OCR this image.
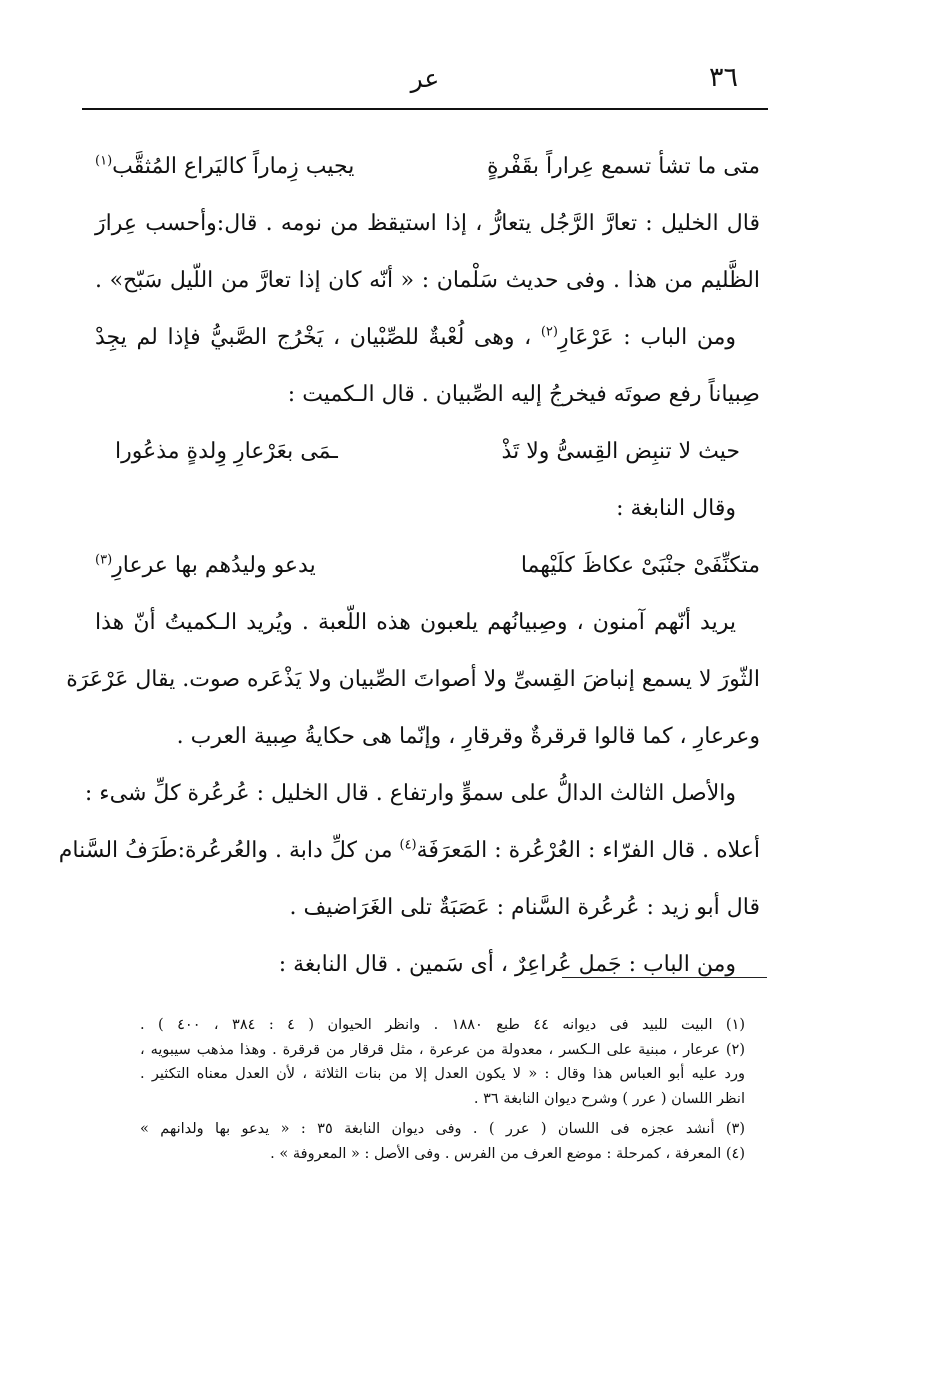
٣٦
عر
متى ما تشأ تسمع عِراراً بقَفْرةٍ
يجيب زِماراً كاليَراع المُثقَّب$^{(١)}$
قال الخليل : تعارَّ الرَّجُل يتعارُّ ، إذا استيقظ من نومه . قال:وأحسب عِرارَ
الظَّليم من هذا . وفى حديث سَلْمان : « أنّه كان إذا تعارَّ من اللّيل سَبّح» .
ومن الباب : عَرْعَارِ$^{(٢)}$ ، وهى لُعْبةٌ للصِّبْيان ، يَخْرُج الصَّبيُّ فإذا لم يجِدْ
صِبياناً رفع صوتَه فيخرجُ إليه الصِّبيان . قال الـكميت :
حيث لا تنبِض القِسىُّ ولا تَذْ
ـمَى بعَرْعارِ وِلدةٍ مذعُورا
وقال النابغة :
متكنِّفَىْ جنْبَىْ عكاظَ كلَيْهما
يدعو وليدُهم بها عرعارِ$^{(٣)}$
يريد أنّهم آمنون ، وصِبيانُهم يلعبون هذه اللّعبة . ويُريد الـكميتُ أنّ هذا
الثّورَ لا يسمع إنباضَ القِسىِّ ولا أصواتَ الصِّبيان ولا يَذْعَره صوت. يقال عَرْعَرَة
وعرعارِ ، كما قالوا قرقرةٌ وقرقارِ ، وإنّما هى حكايةُ صِبية العرب .
والأصل الثالث الدالُّ على سموٍّ وارتفاع . قال الخليل : عُرعُرة كلِّ شىء :
أعلاه . قال الفرّاء : العُرْعُرة : المَعرَفَة$^{(٤)}$ من كلِّ دابة . والعُرعُرة:طَرَفُ السَّنام
قال أبو زيد : عُرعُرة السَّنام : عَصَبَةٌ تلى الغَرَاضيف .
ومن الباب : جَمل عُراعِرٌ ، أى سَمين . قال النابغة :
(١) البيت للبيد فى ديوانه ٤٤ طبع ١٨٨٠ . وانظر الحيوان ( ٤ : ٣٨٤ ، ٤٠٠ ) .
(٢) عرعار ، مبنية على الـكسر ، معدولة من عرعرة ، مثل قرقار من قرقرة . وهذا مذهب سيبويه ،
ورد عليه أبو العباس هذا وقال : « لا يكون العدل إلا من بنات الثلاثة ، لأن العدل معناه التكثير .
انظر اللسان ( عرر ) وشرح ديوان النابغة ٣٦ .
(٣) أنشد عجزه فى اللسان ( عرر ) . وفى ديوان النابغة ٣٥ : « يدعو بها ولدانهم »
(٤) المعرفة ، كمرحلة : موضع العرف من الفرس . وفى الأصل : « المعروفة » .
